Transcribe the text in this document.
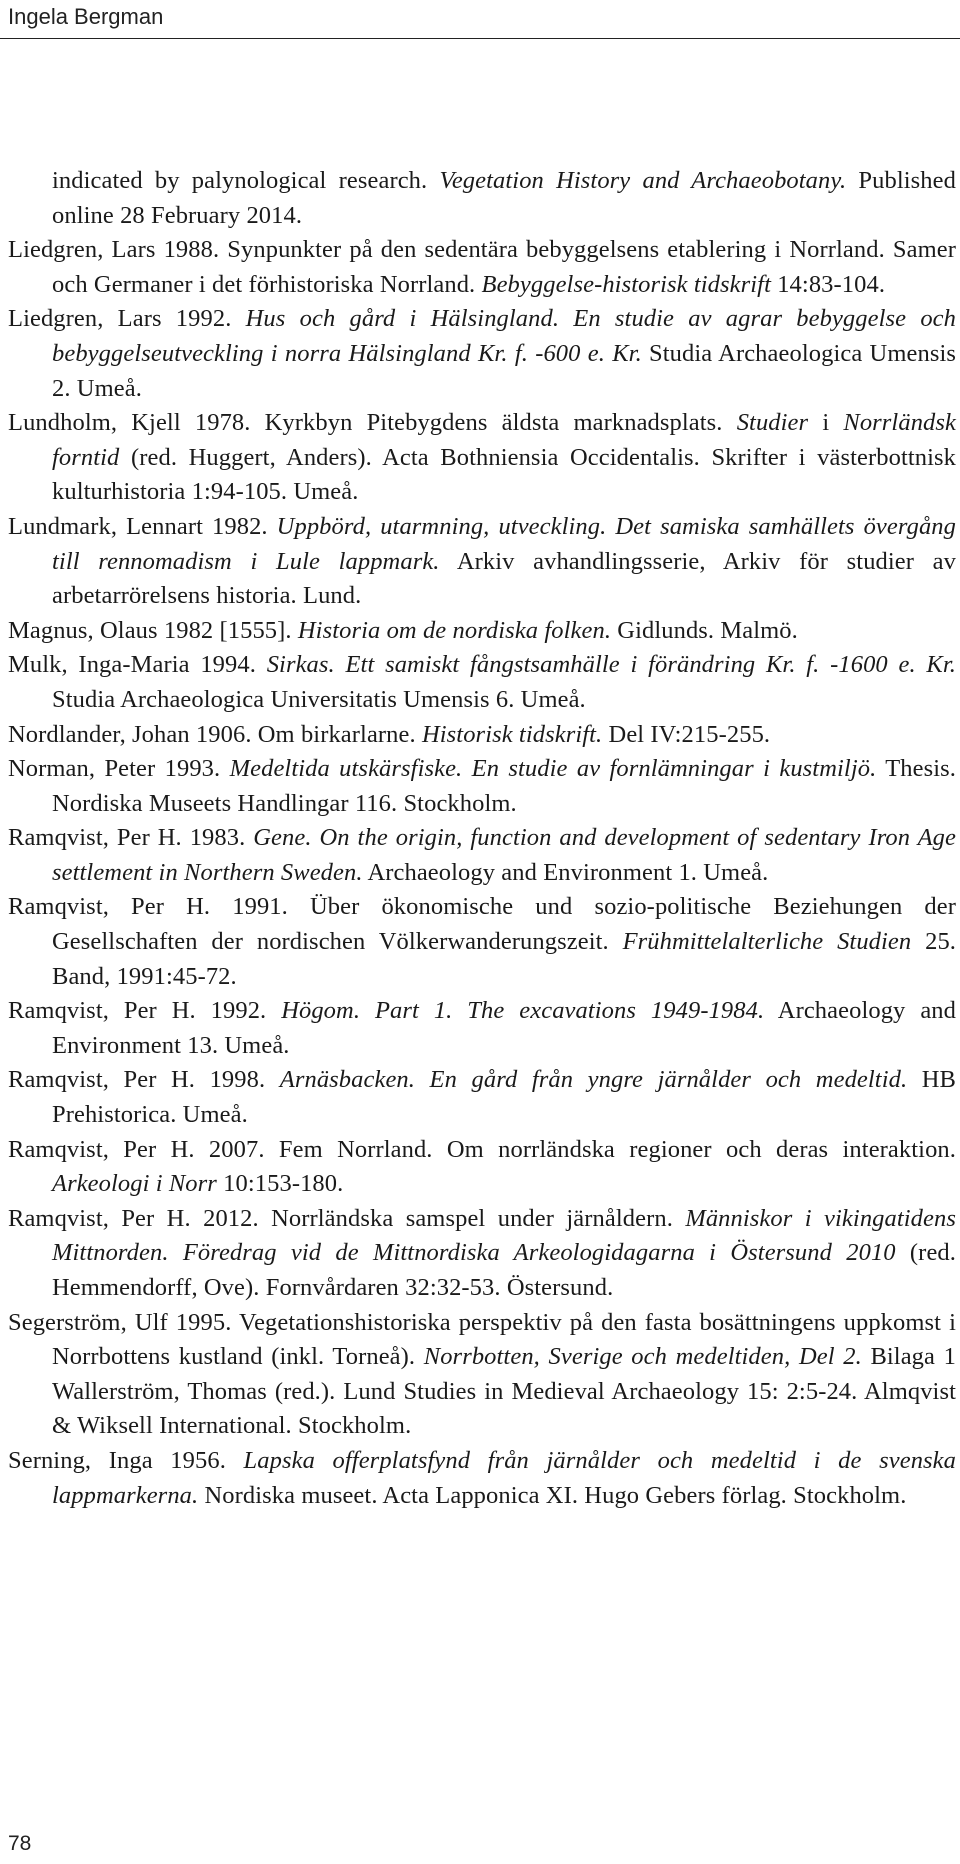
Ingela Bergman

indicated by palynological research. Vegetation History and Archaeobotany. Published online 28 February 2014.

Liedgren, Lars 1988. Synpunkter på den sedentära bebyggelsens etablering i Norrland. Samer och Germaner i det förhistoriska Norrland. Bebyggelse-historisk tidskrift 14:83-104.

Liedgren, Lars 1992. Hus och gård i Hälsingland. En studie av agrar bebyggelse och bebyggelseutveckling i norra Hälsingland Kr. f. -600 e. Kr. Studia Archaeologica Umensis 2. Umeå.

Lundholm, Kjell 1978. Kyrkbyn Pitebygdens äldsta marknadsplats. Studier i Norrländsk forntid (red. Huggert, Anders). Acta Bothniensia Occidentalis. Skrifter i västerbottnisk kulturhistoria 1:94-105. Umeå.

Lundmark, Lennart 1982. Uppbörd, utarmning, utveckling. Det samiska samhällets övergång till rennomadism i Lule lappmark. Arkiv avhandlingsserie, Arkiv för studier av arbetarrörelsens historia. Lund.

Magnus, Olaus 1982 [1555]. Historia om de nordiska folken. Gidlunds. Malmö.

Mulk, Inga-Maria 1994. Sirkas. Ett samiskt fångstsamhälle i förändring Kr. f. -1600 e. Kr. Studia Archaeologica Universitatis Umensis 6. Umeå.

Nordlander, Johan 1906. Om birkarlarne. Historisk tidskrift. Del IV:215-255.

Norman, Peter 1993. Medeltida utskärsfiske. En studie av fornlämningar i kustmiljö. Thesis. Nordiska Museets Handlingar 116. Stockholm.

Ramqvist, Per H. 1983. Gene. On the origin, function and development of sedentary Iron Age settlement in Northern Sweden. Archaeology and Environment 1. Umeå.

Ramqvist, Per H. 1991. Über ökonomische und sozio-politische Beziehungen der Gesellschaften der nordischen Völkerwanderungszeit. Frühmittelalterliche Studien 25. Band, 1991:45-72.

Ramqvist, Per H. 1992. Högom. Part 1. The excavations 1949-1984. Archaeology and Environment 13. Umeå.

Ramqvist, Per H. 1998. Arnäsbacken. En gård från yngre järnålder och medeltid. HB Prehistorica. Umeå.

Ramqvist, Per H. 2007. Fem Norrland. Om norrländska regioner och deras interaktion. Arkeologi i Norr 10:153-180.

Ramqvist, Per H. 2012. Norrländska samspel under järnåldern. Människor i vikingatidens Mittnorden. Föredrag vid de Mittnordiska Arkeologidagarna i Östersund 2010 (red. Hemmendorff, Ove). Fornvårdaren 32:32-53. Östersund.

Segerström, Ulf 1995. Vegetationshistoriska perspektiv på den fasta bosättningens uppkomst i Norrbottens kustland (inkl. Torneå). Norrbotten, Sverige och medeltiden, Del 2. Bilaga 1 Wallerström, Thomas (red.). Lund Studies in Medieval Archaeology 15: 2:5-24. Almqvist & Wiksell International. Stockholm.

Serning, Inga 1956. Lapska offerplatsfynd från järnålder och medeltid i de svenska lappmarkerna. Nordiska museet. Acta Lapponica XI. Hugo Gebers förlag. Stockholm.

78
